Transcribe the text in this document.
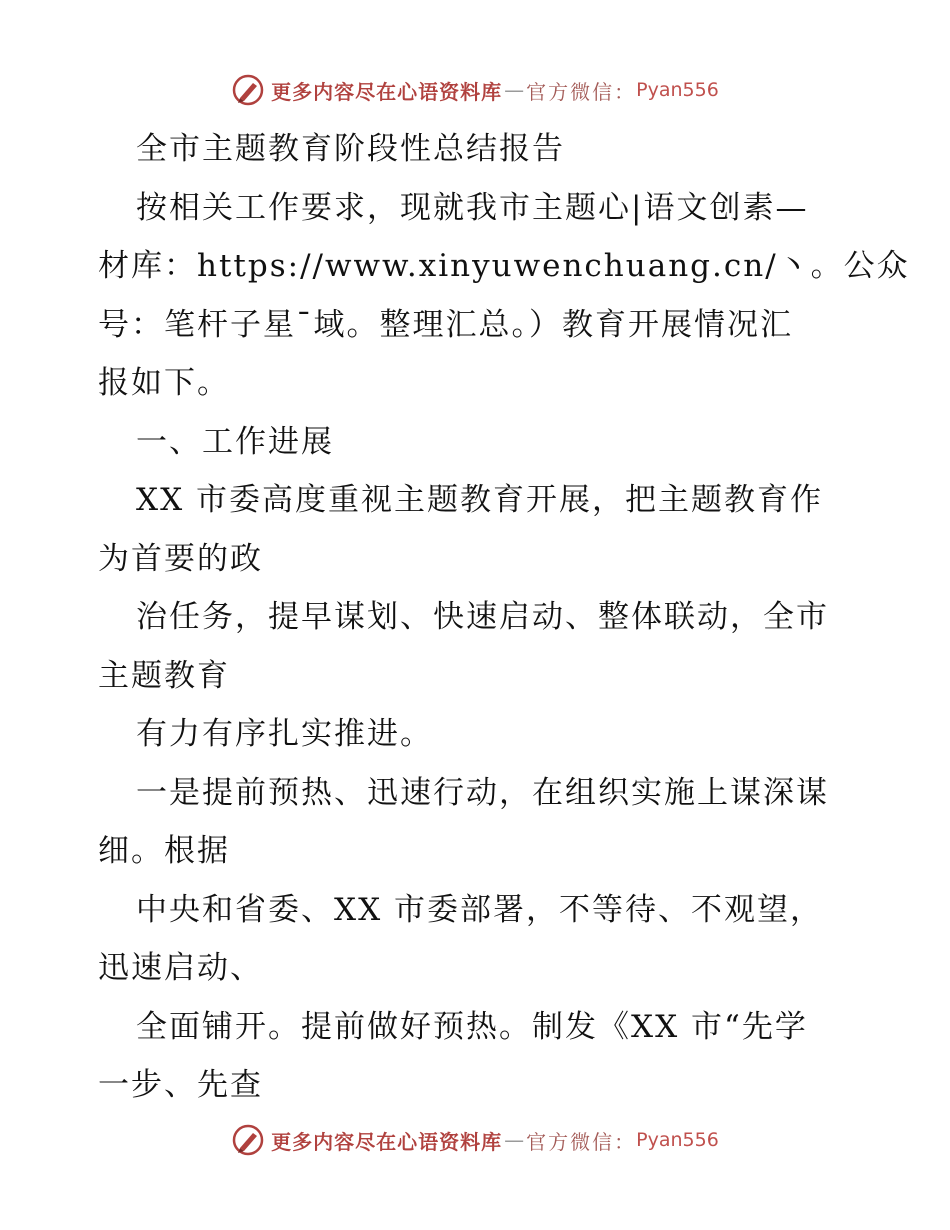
更多内容尽在心语资料库 — 官方微信： Pyan556

全市主题教育阶段性总结报告

按相关工作要求，现就我市主题心|语文创素—

材库：https://www.xinyuwenchuang.cn/丶。公众

号：笔杆子星¯域。整理汇总。）教育开展情况汇

报如下。

一、工作进展

XX 市委高度重视主题教育开展，把主题教育作

为首要的政

治任务，提早谋划、快速启动、整体联动，全市

主题教育

有力有序扎实推进。

一是提前预热、迅速行动，在组织实施上谋深谋

细。根据

中央和省委、XX 市委部署，不等待、不观望，

迅速启动、

全面铺开。提前做好预热。制发《XX 市“先学

一步、先查

更多内容尽在心语资料库 — 官方微信： Pyan556
